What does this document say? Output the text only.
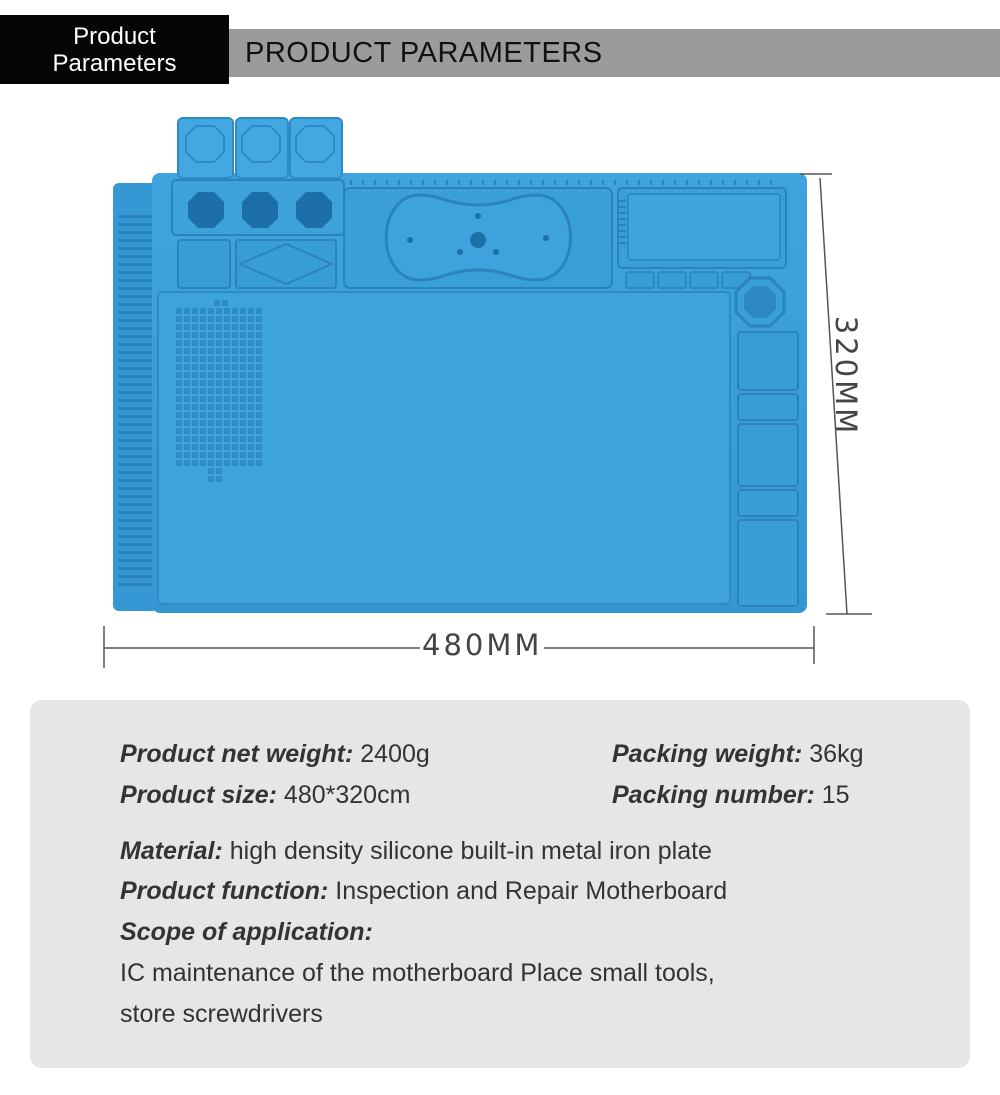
Product
Parameters PRODUCT PARAMETERS
480MM
320MM
Product net weight: 2400g	Packing weight: 36kg
Product size: 480*320cm	Packing number: 15
Material: high density silicone built-in metal iron plate
Product function: Inspection and Repair Motherboard
Scope of application:
IC maintenance of the motherboard Place small tools,
store screwdrivers
